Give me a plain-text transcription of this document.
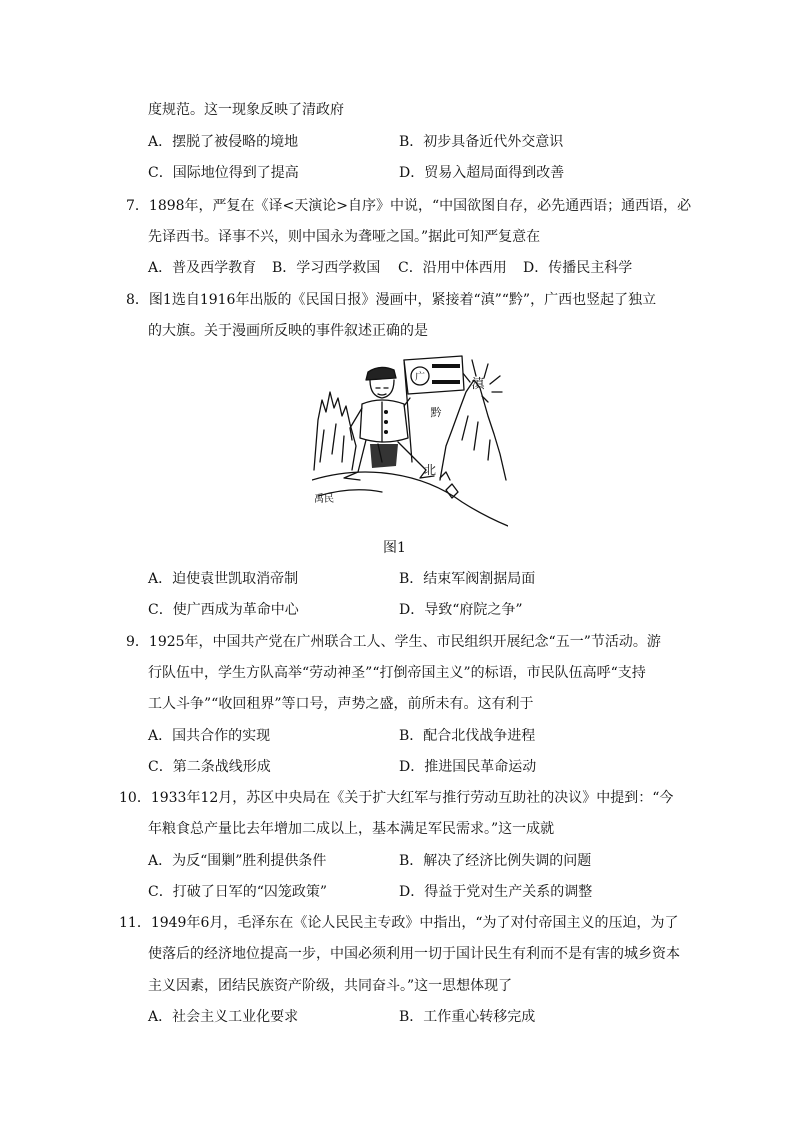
度规范。这一现象反映了清政府
A．摆脱了被侵略的境地	B．初步具备近代外交意识
C．国际地位得到了提高	D．贸易入超局面得到改善
7．1898年，严复在《译<天演论>自序》中说，“中国欲图自存，必先通西语；通西语，必
先译西书。译事不兴，则中国永为聋哑之国。”据此可知严复意在
A．普及西学教育 B．学习西学救国 C．沿用中体西用 D．传播民主科学
8．图1选自1916年出版的《民国日报》漫画中，紧接着“滇”“黔”，广西也竖起了独立
的大旗。关于漫画所反映的事件叙述正确的是
广	滇
黔
北
禹民
图1
A．迫使袁世凯取消帝制	B．结束军阀割据局面
C．使广西成为革命中心	D．导致“府院之争”
9．1925年，中国共产党在广州联合工人、学生、市民组织开展纪念“五一”节活动。游
行队伍中，学生方队高举“劳动神圣”“打倒帝国主义”的标语，市民队伍高呼“支持
工人斗争”“收回租界”等口号，声势之盛，前所未有。这有利于
A．国共合作的实现	B．配合北伐战争进程
C．第二条战线形成	D．推进国民革命运动
10．1933年12月，苏区中央局在《关于扩大红军与推行劳动互助社的决议》中提到：“今
年粮食总产量比去年增加二成以上，基本满足军民需求。”这一成就
A．为反“围剿”胜利提供条件	B．解决了经济比例失调的问题
C．打破了日军的“囚笼政策”	D．得益于党对生产关系的调整
11．1949年6月，毛泽东在《论人民民主专政》中指出，“为了对付帝国主义的压迫，为了
使落后的经济地位提高一步，中国必须利用一切于国计民生有利而不是有害的城乡资本
主义因素，团结民族资产阶级，共同奋斗。”这一思想体现了
A．社会主义工业化要求	B．工作重心转移完成
